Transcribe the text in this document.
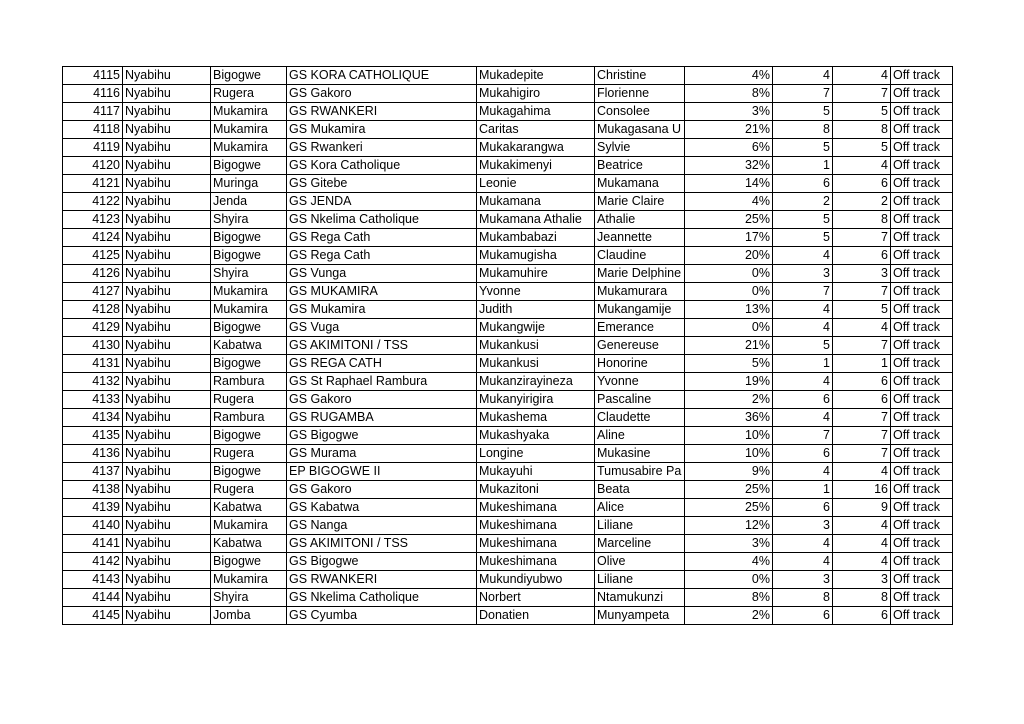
4115	Nyabihu	Bigogwe	GS KORA CATHOLIQUE	Mukadepite	Christine	4%	4	4	Off track
4116	Nyabihu	Rugera	GS Gakoro	Mukahigiro	Florienne	8%	7	7	Off track
4117	Nyabihu	Mukamira	GS RWANKERI	Mukagahima	Consolee	3%	5	5	Off track
4118	Nyabihu	Mukamira	GS Mukamira	Caritas	Mukagasana U	21%	8	8	Off track
4119	Nyabihu	Mukamira	GS Rwankeri	Mukakarangwa	Sylvie	6%	5	5	Off track
4120	Nyabihu	Bigogwe	GS Kora Catholique	Mukakimenyi	Beatrice	32%	1	4	Off track
4121	Nyabihu	Muringa	GS Gitebe	Leonie	Mukamana	14%	6	6	Off track
4122	Nyabihu	Jenda	GS JENDA	Mukamana	Marie Claire	4%	2	2	Off track
4123	Nyabihu	Shyira	GS Nkelima Catholique	Mukamana Athalie	Athalie	25%	5	8	Off track
4124	Nyabihu	Bigogwe	GS Rega Cath	Mukambabazi	Jeannette	17%	5	7	Off track
4125	Nyabihu	Bigogwe	GS Rega Cath	Mukamugisha	Claudine	20%	4	6	Off track
4126	Nyabihu	Shyira	GS Vunga	Mukamuhire	Marie Delphine	0%	3	3	Off track
4127	Nyabihu	Mukamira	GS MUKAMIRA	Yvonne	Mukamurara	0%	7	7	Off track
4128	Nyabihu	Mukamira	GS Mukamira	Judith	Mukangamije	13%	4	5	Off track
4129	Nyabihu	Bigogwe	GS Vuga	Mukangwije	Emerance	0%	4	4	Off track
4130	Nyabihu	Kabatwa	GS AKIMITONI / TSS	Mukankusi	Genereuse	21%	5	7	Off track
4131	Nyabihu	Bigogwe	GS REGA CATH	Mukankusi	Honorine	5%	1	1	Off track
4132	Nyabihu	Rambura	GS St Raphael Rambura	Mukanzirayineza	Yvonne	19%	4	6	Off track
4133	Nyabihu	Rugera	GS Gakoro	Mukanyirigira	Pascaline	2%	6	6	Off track
4134	Nyabihu	Rambura	GS RUGAMBA	Mukashema	Claudette	36%	4	7	Off track
4135	Nyabihu	Bigogwe	GS Bigogwe	Mukashyaka	Aline	10%	7	7	Off track
4136	Nyabihu	Rugera	GS Murama	Longine	Mukasine	10%	6	7	Off track
4137	Nyabihu	Bigogwe	EP BIGOGWE II	Mukayuhi	Tumusabire Pa	9%	4	4	Off track
4138	Nyabihu	Rugera	GS Gakoro	Mukazitoni	Beata	25%	1	16	Off track
4139	Nyabihu	Kabatwa	GS Kabatwa	Mukeshimana	Alice	25%	6	9	Off track
4140	Nyabihu	Mukamira	GS Nanga	Mukeshimana	Liliane	12%	3	4	Off track
4141	Nyabihu	Kabatwa	GS AKIMITONI / TSS	Mukeshimana	Marceline	3%	4	4	Off track
4142	Nyabihu	Bigogwe	GS Bigogwe	Mukeshimana	Olive	4%	4	4	Off track
4143	Nyabihu	Mukamira	GS RWANKERI	Mukundiyubwo	Liliane	0%	3	3	Off track
4144	Nyabihu	Shyira	GS Nkelima Catholique	Norbert	Ntamukunzi	8%	8	8	Off track
4145	Nyabihu	Jomba	GS Cyumba	Donatien	Munyampeta	2%	6	6	Off track
